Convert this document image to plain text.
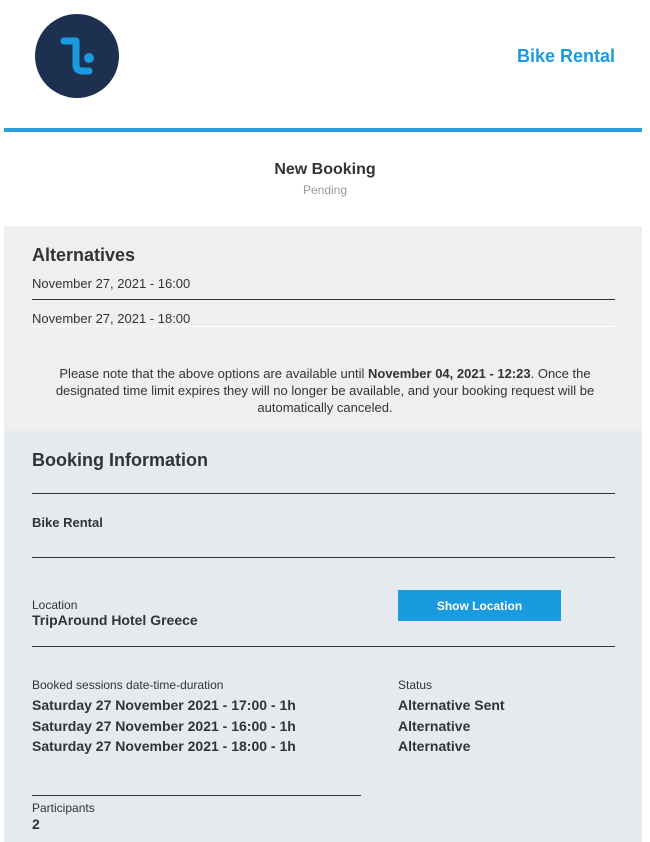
Bike Rental
New Booking
Pending
Alternatives
November 27, 2021 - 16:00
November 27, 2021 - 18:00
Please note that the above options are available until November 04, 2021 - 12:23. Once the designated time limit expires they will no longer be available, and your booking request will be automatically canceled.
Booking Information
Bike Rental
Location
TripAround Hotel Greece
Show Location
Booked sessions date-time-duration	Status
Saturday 27 November 2021 - 17:00 - 1h	Alternative Sent
Saturday 27 November 2021 - 16:00 - 1h	Alternative
Saturday 27 November 2021 - 18:00 - 1h	Alternative
Participants
2
